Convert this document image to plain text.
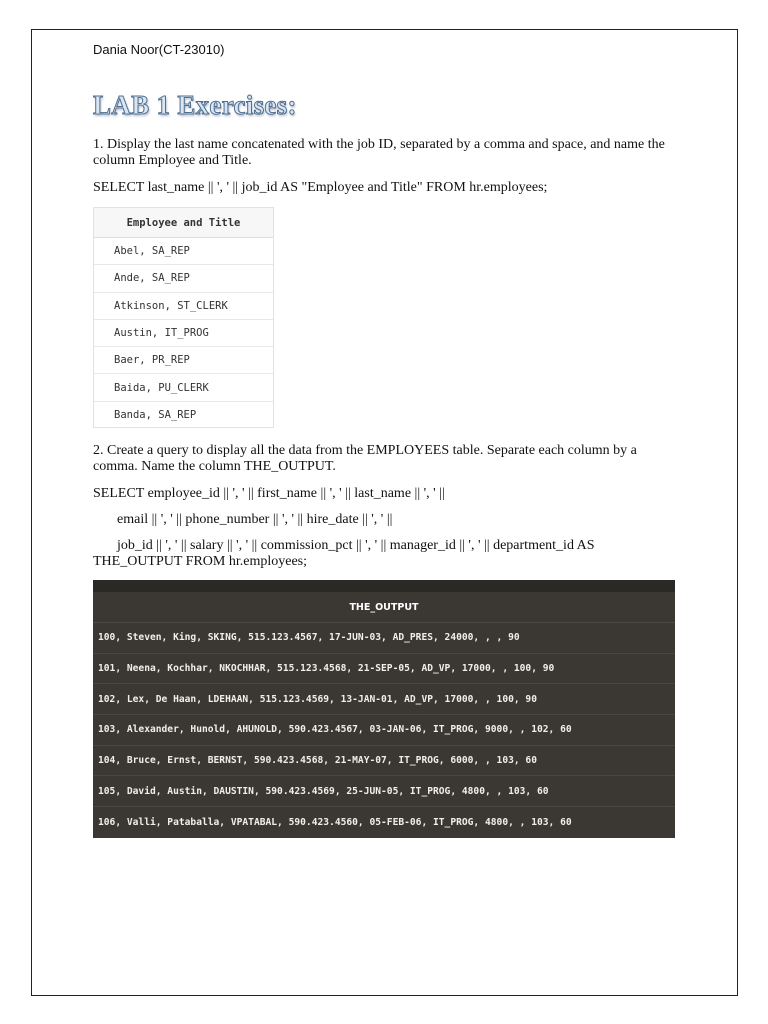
Dania Noor(CT-23010)
LAB 1 Exercises:
1. Display the last name concatenated with the job ID, separated by a comma and space, and name the column Employee and Title.
SELECT last_name || ', ' || job_id AS "Employee and Title" FROM hr.employees;
Employee and Title
Abel, SA_REP
Ande, SA_REP
Atkinson, ST_CLERK
Austin, IT_PROG
Baer, PR_REP
Baida, PU_CLERK
Banda, SA_REP
2. Create a query to display all the data from the EMPLOYEES table. Separate each column by a comma. Name the column THE_OUTPUT.
SELECT employee_id || ', ' || first_name || ', ' || last_name || ', ' ||
email || ', ' || phone_number || ', ' || hire_date || ', ' ||
job_id || ', ' || salary || ', ' || commission_pct || ', ' || manager_id || ', ' || department_id AS THE_OUTPUT FROM hr.employees;
THE_OUTPUT
100, Steven, King, SKING, 515.123.4567, 17-JUN-03, AD_PRES, 24000, , , 90
101, Neena, Kochhar, NKOCHHAR, 515.123.4568, 21-SEP-05, AD_VP, 17000, , 100, 90
102, Lex, De Haan, LDEHAAN, 515.123.4569, 13-JAN-01, AD_VP, 17000, , 100, 90
103, Alexander, Hunold, AHUNOLD, 590.423.4567, 03-JAN-06, IT_PROG, 9000, , 102, 60
104, Bruce, Ernst, BERNST, 590.423.4568, 21-MAY-07, IT_PROG, 6000, , 103, 60
105, David, Austin, DAUSTIN, 590.423.4569, 25-JUN-05, IT_PROG, 4800, , 103, 60
106, Valli, Pataballa, VPATABAL, 590.423.4560, 05-FEB-06, IT_PROG, 4800, , 103, 60
